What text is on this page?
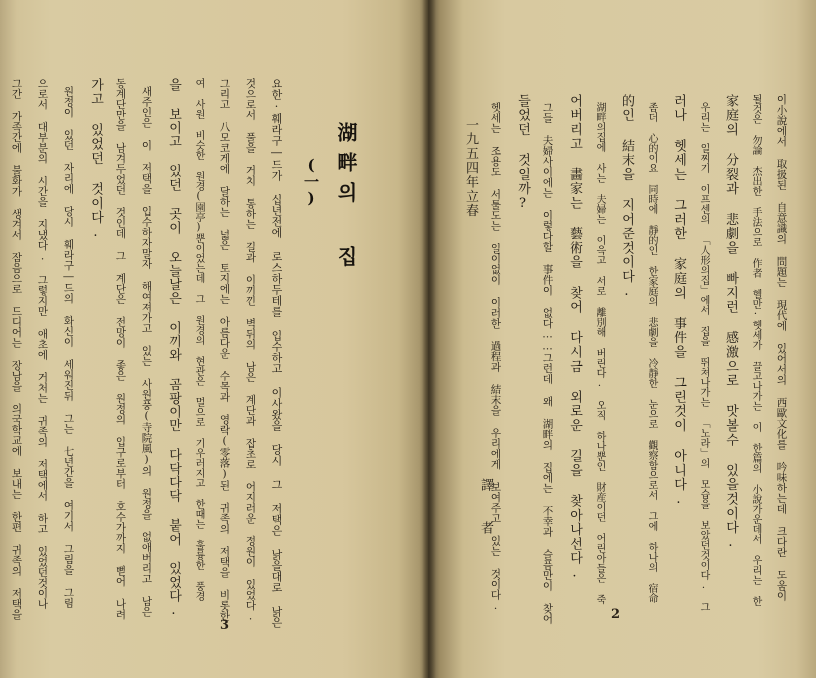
湖畔의 집
(一)
요한·훼라구―드가 십년전에 로스하두테를 입수하고 이사왔을 당시 그 저택은 낡을대로 낡은
것으로서 풀을 거치 통하는 길과 이끼낀 벽뒤의 남은 계단과 잡초로 어지러운 정원이 있었다.
그리고 八모코게에 달하는 넓은 토지에는 아름다운 수목과 영락(零落)된 귀족의 저택을 비롯한
여 사원 비슷한 원경(園亭)뿐이었는데 그 원경의 현관은 멀으로 기우러지고 한때는 훌륭한 풍경
을 보이고 있던 곳이 오늘날은 이끼와 곰팡이만 다닥다닥 붙어 있었다.
새주인은 이 저택을 입수하자말자 해여져가고 있는 사원풍(寺院風)의 원정을 없애버리고 남은
동계단만을 남겨두었던 것인데 그 계단은 전망이 좋은 원정의 입구로부터 호수가까지 뻗어 나려
가고 있었던 것이다.
원정이 있던 자리에 당시 훼라구―드의 화신이 세워진뒤 그는 七년간을 여기서 그림을 그림
으로서 대부분의 시간을 지냈다. 그렇지만 애초에 거처는 귀족의 저택에서 하고 있었던것이나
그간 가족간에 불화가 생겨서 잠음으로 드디어는 장남을 의국학교에 보내는 한편 귀족의 저택을
3
이小說에서 取扱된 自意識의 問題는 現代에 있어서의 西歐文化를 吟味하는데 크다란 도움이
될것은 勿論 杰出한 手法으로 作者 헬만·헷세가 끌고나가는 이 한篇의 小說가운데서 우리는 한
家庭의 分裂과 悲劇을 빠지런 感激으로 맛볼수 있을것이다.
우리는 일찌기 이프센의 「人形의집」에서 집을 뛰쳐나가는 「노라」의 모습을 보았던것이다. 그
러나 헷세는 그러한 家庭의 事件을 그린것이 아니다.
좀더 心的이요 同時에 靜的인 한家庭의 悲劇을 冷靜한 눈으로 觀察함으로서 그에 하나의 宿命
的인 結末을 지어준것이다.
湖畔의집에 사는 夫婦는 이윽고 서로 離別해 버린다. 오직 하나뿐인 財産이던 어린아들은 죽
어버리고 畵家는 藝術을 찾어 다시금 외로운 길을 찾아나선다.
그들 夫婦사이에는 이렇다할 事件이 없다……그런데 왜 湖畔의 집에는 不幸과 슬픔만이 찾어
들었던 것일까?
헷세는 조용도 서툴도는 일이없이 이러한 過程과 結末을 우리에게 보여주고 있는 것이다.
一九五四年立春
譯者
2
